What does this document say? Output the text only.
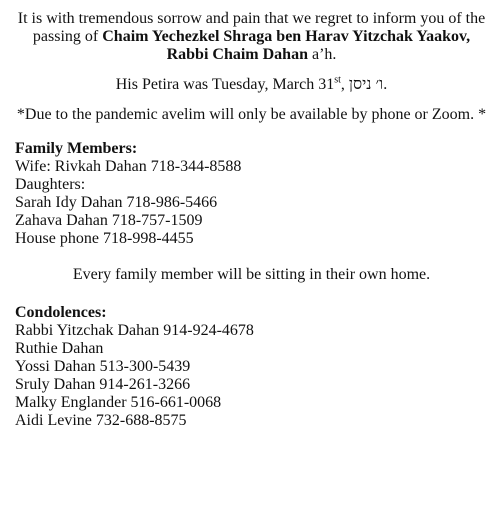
It is with tremendous sorrow and pain that we regret to inform you of the passing of Chaim Yechezkel Shraga ben Harav Yitzchak Yaakov, Rabbi Chaim Dahan a’h.

His Petira was Tuesday, March 31st, ו׳ ניסן.

*Due to the pandemic avelim will only be available by phone or Zoom. *

Family Members:

Wife: Rivkah Dahan 718-344-8588

Daughters:

Sarah Idy Dahan 718-986-5466

Zahava Dahan 718-757-1509

House phone 718-998-4455

Every family member will be sitting in their own home.

Condolences:

Rabbi Yitzchak Dahan 914-924-4678

Ruthie Dahan

Yossi Dahan 513-300-5439

Sruly Dahan 914-261-3266

Malky Englander 516-661-0068

Aidi Levine 732-688-8575
